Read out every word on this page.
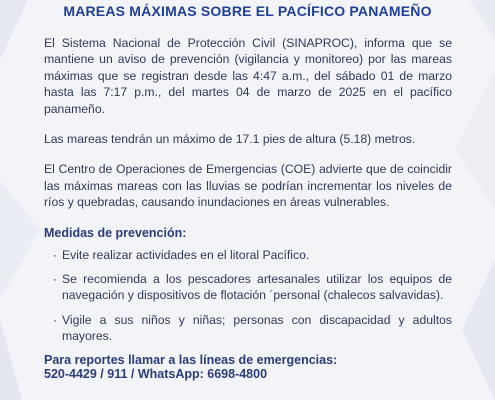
MAREAS MÁXIMAS SOBRE EL PACÍFICO PANAMEÑO

El Sistema Nacional de Protección Civil (SINAPROC), informa que se mantiene un aviso de prevención (vigilancia y monitoreo) por las mareas máximas que se registran desde las 4:47 a.m., del sábado 01 de marzo hasta las 7:17 p.m., del martes 04 de marzo de 2025 en el pacífico panameño.

Las mareas tendrán un máximo de 17.1 pies de altura (5.18) metros.

El Centro de Operaciones de Emergencias (COE) advierte que de coincidir las máximas mareas con las lluvias se podrían incrementar los niveles de ríos y quebradas, causando inundaciones en áreas vulnerables.

Medidas de prevención:
· Evite realizar actividades en el litoral Pacífico.
· Se recomienda a los pescadores artesanales utilizar los equipos de navegación y dispositivos de flotación ´personal (chalecos salvavidas).
· Vigile a sus niños y niñas; personas con discapacidad y adultos mayores.
Para reportes llamar a las líneas de emergencias:
520-4429 / 911 / WhatsApp: 6698-4800
